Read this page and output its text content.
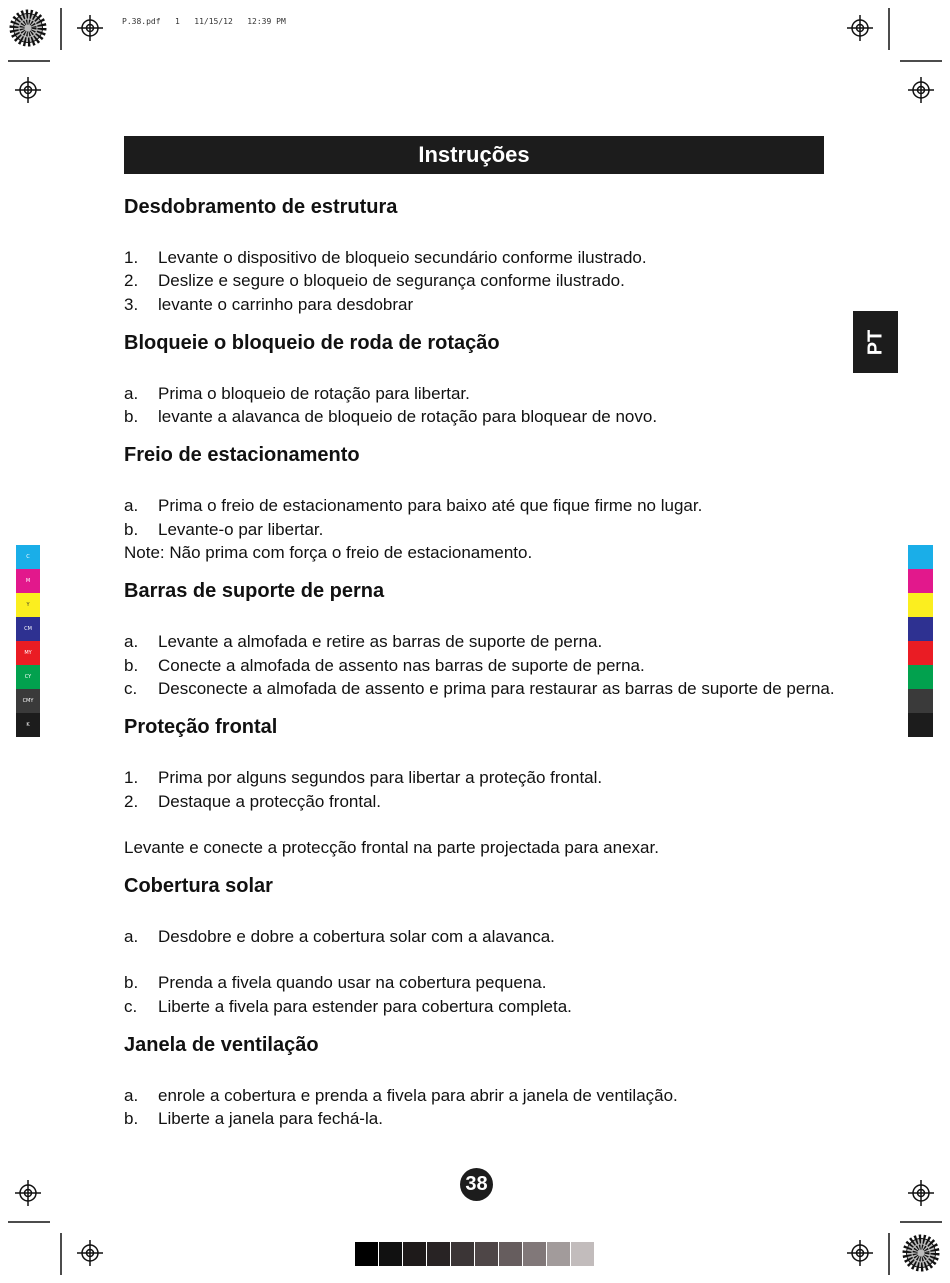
P.38.pdf   1   11/15/12   12:39 PM
Instruções
PT
C
M
Y
CM
MY
CY
CMY
K
Desdobramento de estrutura
1.	Levante o dispositivo de bloqueio secundário conforme ilustrado.
2.	Deslize e segure o bloqueio de segurança conforme ilustrado.
3.	levante o carrinho para desdobrar
Bloqueie o bloqueio de roda de rotação
a.	Prima o bloqueio de rotação para libertar.
b.	levante a alavanca de bloqueio de rotação para bloquear de novo.
Freio de estacionamento
a.	Prima o freio de estacionamento para baixo até que fique firme no lugar.
b.	Levante-o par libertar.
Note: Não prima com força o freio de estacionamento.
Barras de suporte de perna
a.	Levante a almofada e retire as barras de suporte de perna.
b.	Conecte a almofada de assento nas barras de suporte de perna.
c.	Desconecte a almofada de assento e prima para restaurar as barras de suporte de perna.
Proteção frontal
1.	Prima por alguns segundos para libertar a proteção frontal.
2.	Destaque a protecção frontal.
Levante e conecte a protecção frontal na parte projectada para anexar.
Cobertura solar
a.	Desdobre e dobre a cobertura solar com a alavanca.
b.	Prenda a fivela quando usar na cobertura pequena.
c.	Liberte a fivela para estender para cobertura completa.
Janela de ventilação
a.	enrole a cobertura e prenda a fivela para abrir a janela de ventilação.
b.	Liberte a janela para fechá-la.
38
